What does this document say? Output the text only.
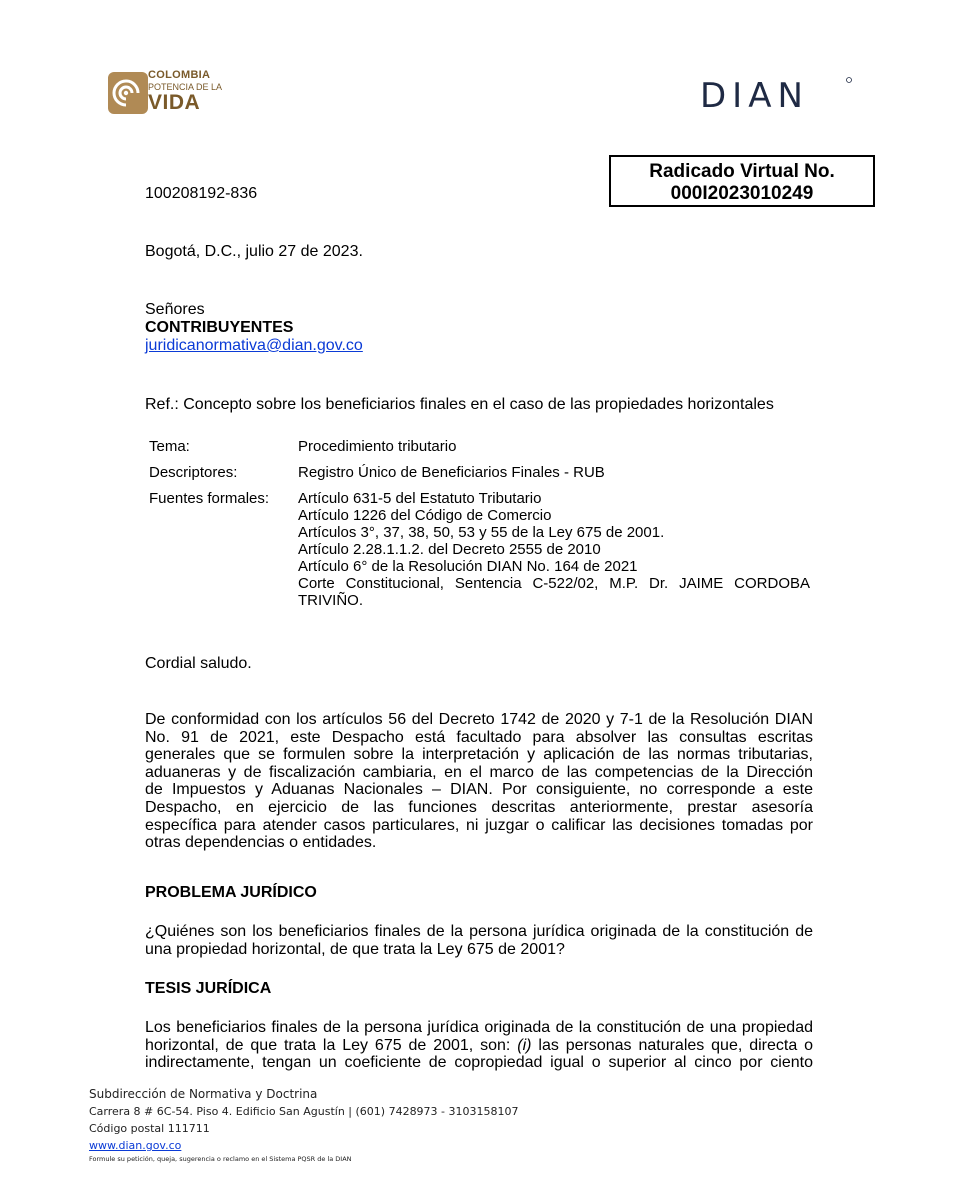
COLOMBIA
POTENCIA DE LA
VIDA	DIAN
Radicado Virtual No.
000I2023010249
100208192-836
Bogotá, D.C., julio 27 de 2023.
Señores
CONTRIBUYENTES
juridicanormativa@dian.gov.co
Ref.: Concepto sobre los beneficiarios finales en el caso de las propiedades horizontales
Tema:	Procedimiento tributario
Descriptores:	Registro Único de Beneficiarios Finales - RUB
Fuentes formales:	Artículo 631-5 del Estatuto Tributario
Artículo 1226 del Código de Comercio
Artículos 3°, 37, 38, 50, 53 y 55 de la Ley 675 de 2001.
Artículo 2.28.1.1.2. del Decreto 2555 de 2010
Artículo 6° de la Resolución DIAN No. 164 de 2021
Corte Constitucional, Sentencia C-522/02, M.P. Dr. JAIME CORDOBA
TRIVIÑO.
Cordial saludo.
De conformidad con los artículos 56 del Decreto 1742 de 2020 y 7-1 de la Resolución DIAN
No. 91 de 2021, este Despacho está facultado para absolver las consultas escritas
generales que se formulen sobre la interpretación y aplicación de las normas tributarias,
aduaneras y de fiscalización cambiaria, en el marco de las competencias de la Dirección
de Impuestos y Aduanas Nacionales – DIAN. Por consiguiente, no corresponde a este
Despacho, en ejercicio de las funciones descritas anteriormente, prestar asesoría
específica para atender casos particulares, ni juzgar o calificar las decisiones tomadas por
otras dependencias o entidades.
PROBLEMA JURÍDICO
¿Quiénes son los beneficiarios finales de la persona jurídica originada de la constitución de
una propiedad horizontal, de que trata la Ley 675 de 2001?
TESIS JURÍDICA
Los beneficiarios finales de la persona jurídica originada de la constitución de una propiedad
horizontal, de que trata la Ley 675 de 2001, son: (i) las personas naturales que, directa o
indirectamente, tengan un coeficiente de copropiedad igual o superior al cinco por ciento
Subdirección de Normativa y Doctrina
Carrera 8 # 6C-54. Piso 4. Edificio San Agustín | (601) 7428973 - 3103158107
Código postal 111711
www.dian.gov.co
Formule su petición, queja, sugerencia o reclamo en el Sistema PQSR de la DIAN
